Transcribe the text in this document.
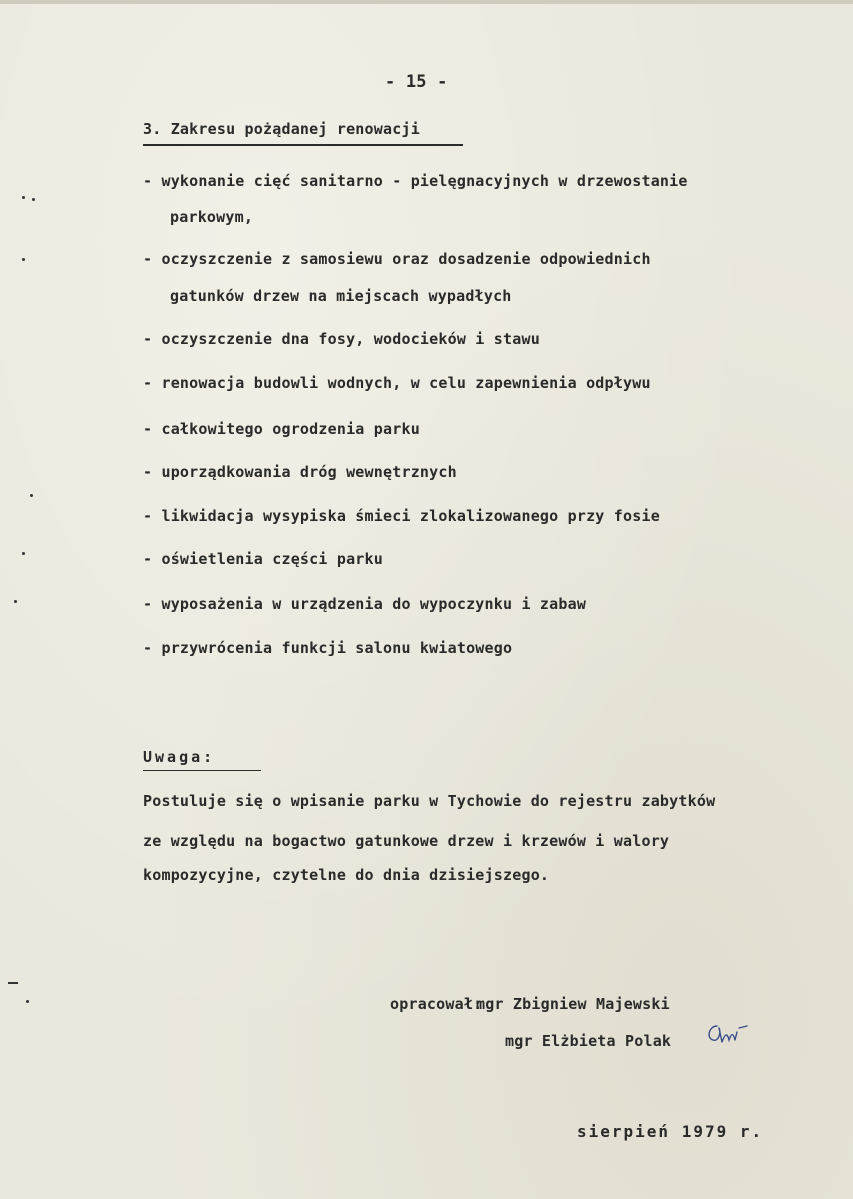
- 15 -
3. Zakresu pożądanej renowacji
- wykonanie cięć sanitarno - pielęgnacyjnych w drzewostanie
parkowym,
- oczyszczenie z samosiewu oraz dosadzenie odpowiednich
gatunków drzew na miejscach wypadłych
- oczyszczenie dna fosy, wodocieków i stawu
- renowacja budowli wodnych, w celu zapewnienia odpływu
- całkowitego ogrodzenia parku
- uporządkowania dróg wewnętrznych
- likwidacja wysypiska śmieci zlokalizowanego przy fosie
- oświetlenia części parku
- wyposażenia w urządzenia do wypoczynku i zabaw
- przywrócenia funkcji salonu kwiatowego
Uwaga:
Postuluje się o wpisanie parku w Tychowie do rejestru zabytków
ze względu na bogactwo gatunkowe drzew i krzewów i walory
kompozycyjne, czytelne do dnia dzisiejszego.
opracował:
mgr Zbigniew Majewski
mgr Elżbieta Polak
sierpień 1979 r.
